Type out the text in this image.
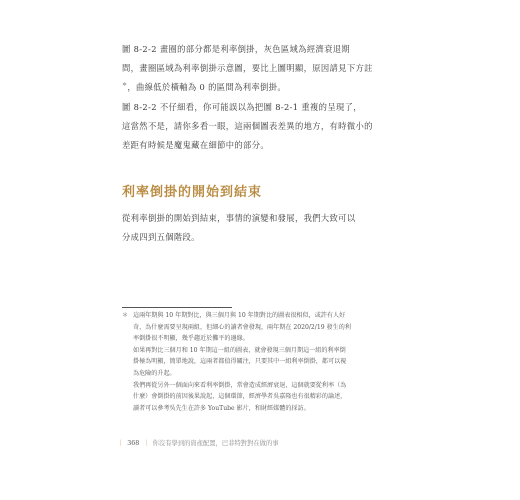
圖 8-2-2 畫圈的部分都是利率倒掛，灰色區域為經濟衰退期
間，畫圈區域為利率倒掛示意圖，要比上圖明顯，原因請見下方註
＊，曲線低於橫軸為 0 的區間為利率倒掛。

圖 8-2-2 不仔細看，你可能誤以為把圖 8-2-1 重複的呈現了，
這當然不是，請你多看一眼，這兩個圖表差異的地方，有時微小的
差距有時候是魔鬼藏在細節中的部分。

利率倒掛的開始到結束

從利率倒掛的開始到結束，事情的演變和發展，我們大致可以
分成四到五個階段。

＊ 這兩年期與 10 年期對比，與三個月與 10 年期對比的圖表很相似，或許有人好
奇，為什麼需要呈現兩組，但細心的讀者會發現，兩年期在 2020/2/19 發生的利
率倒掛很不明顯，幾乎趨近於攤平的邊緣。
如果再對比三個月和 10 年期這一組的圖表，就會發現三個月期這一組的利率倒
掛極為明顯，簡單地說，這兩者都值得關注，只要其中一組利率倒掛，都可以視
為危險的升起。
我們再從另外一個面向來看利率倒掛，常會造成經濟衰退，這個就要從利率（為
什麼）會倒掛的前因後果說起，這個環節，經濟學者吳嘉隆也有很精彩的論述，
讀者可以參考吳先生在許多 YouTube 影片，和財經媒體的採訪。
｜ 368 ｜ 你沒有學到的資產配置，巴菲特對對在做的事
